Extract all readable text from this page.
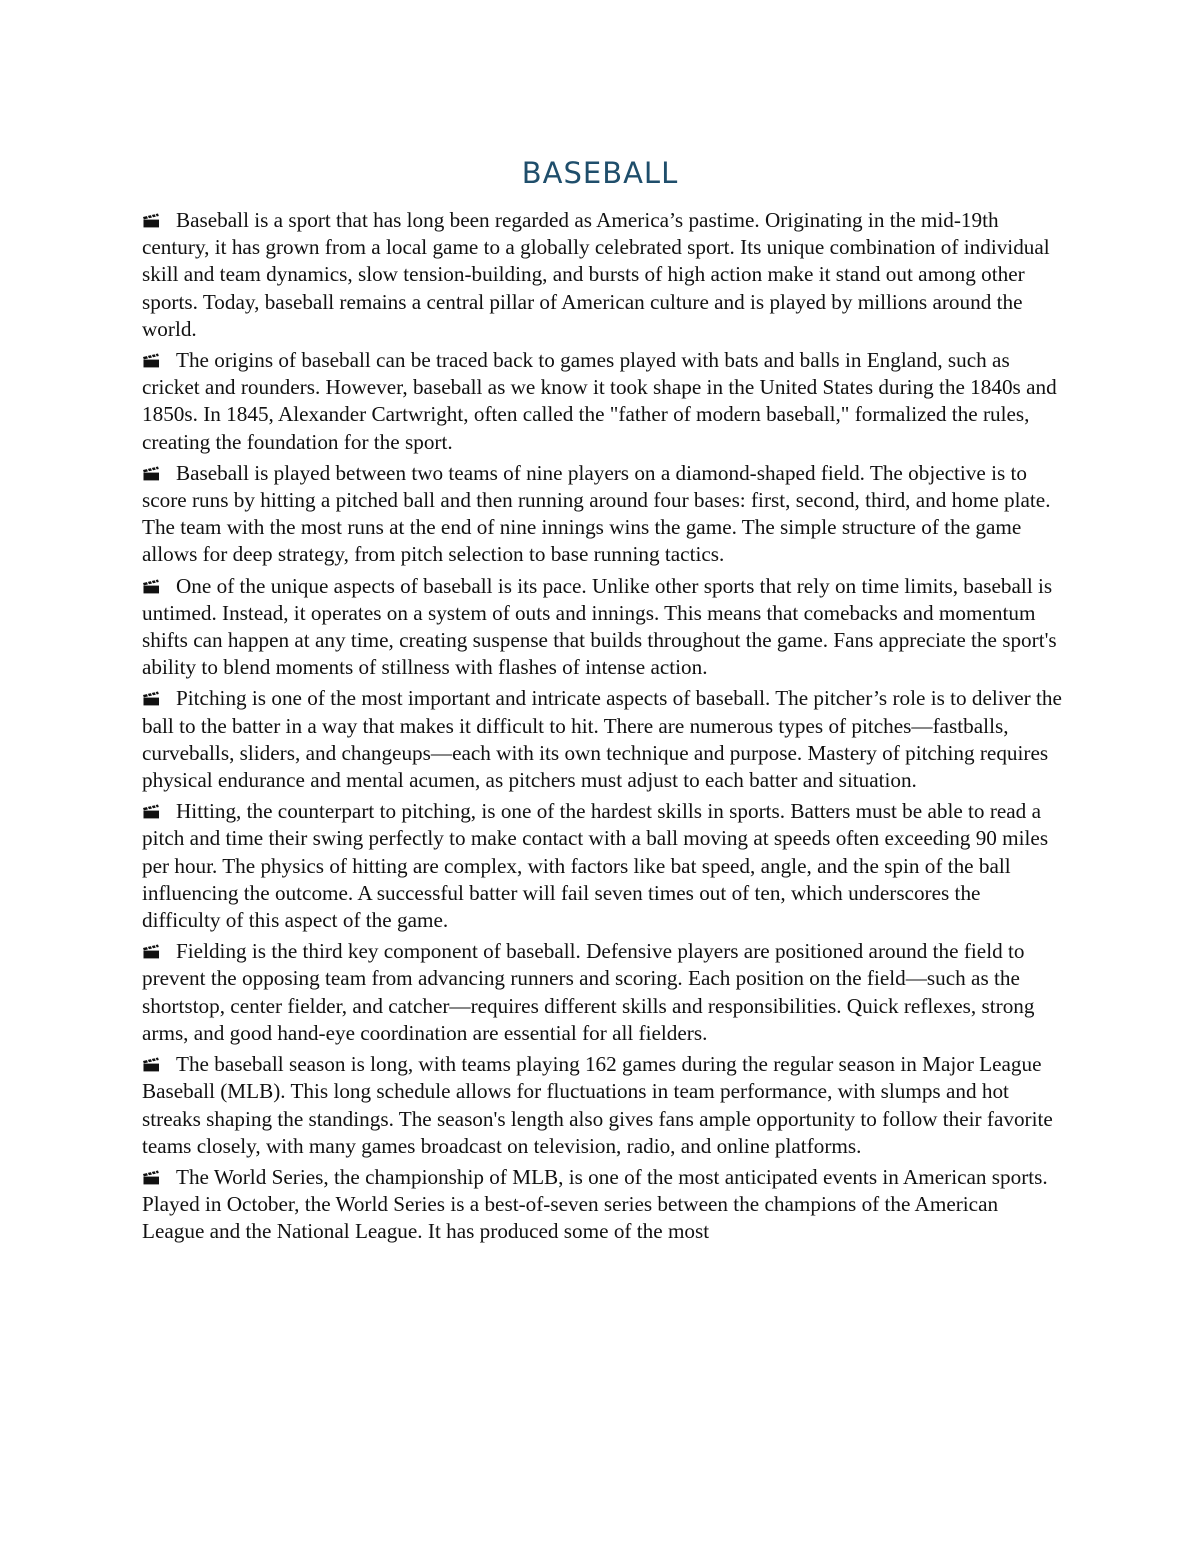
BASEBALL

Baseball is a sport that has long been regarded as America’s pastime. Originating in the mid-19th century, it has grown from a local game to a globally celebrated sport. Its unique combination of individual skill and team dynamics, slow tension-building, and bursts of high action make it stand out among other sports. Today, baseball remains a central pillar of American culture and is played by millions around the world.

The origins of baseball can be traced back to games played with bats and balls in England, such as cricket and rounders. However, baseball as we know it took shape in the United States during the 1840s and 1850s. In 1845, Alexander Cartwright, often called the "father of modern baseball," formalized the rules, creating the foundation for the sport.

Baseball is played between two teams of nine players on a diamond-shaped field. The objective is to score runs by hitting a pitched ball and then running around four bases: first, second, third, and home plate. The team with the most runs at the end of nine innings wins the game. The simple structure of the game allows for deep strategy, from pitch selection to base running tactics.

One of the unique aspects of baseball is its pace. Unlike other sports that rely on time limits, baseball is untimed. Instead, it operates on a system of outs and innings. This means that comebacks and momentum shifts can happen at any time, creating suspense that builds throughout the game. Fans appreciate the sport's ability to blend moments of stillness with flashes of intense action.

Pitching is one of the most important and intricate aspects of baseball. The pitcher’s role is to deliver the ball to the batter in a way that makes it difficult to hit. There are numerous types of pitches—fastballs, curveballs, sliders, and changeups—each with its own technique and purpose. Mastery of pitching requires physical endurance and mental acumen, as pitchers must adjust to each batter and situation.

Hitting, the counterpart to pitching, is one of the hardest skills in sports. Batters must be able to read a pitch and time their swing perfectly to make contact with a ball moving at speeds often exceeding 90 miles per hour. The physics of hitting are complex, with factors like bat speed, angle, and the spin of the ball influencing the outcome. A successful batter will fail seven times out of ten, which underscores the difficulty of this aspect of the game.

Fielding is the third key component of baseball. Defensive players are positioned around the field to prevent the opposing team from advancing runners and scoring. Each position on the field—such as the shortstop, center fielder, and catcher—requires different skills and responsibilities. Quick reflexes, strong arms, and good hand-eye coordination are essential for all fielders.

The baseball season is long, with teams playing 162 games during the regular season in Major League Baseball (MLB). This long schedule allows for fluctuations in team performance, with slumps and hot streaks shaping the standings. The season's length also gives fans ample opportunity to follow their favorite teams closely, with many games broadcast on television, radio, and online platforms.

The World Series, the championship of MLB, is one of the most anticipated events in American sports. Played in October, the World Series is a best-of-seven series between the champions of the American League and the National League. It has produced some of the most
